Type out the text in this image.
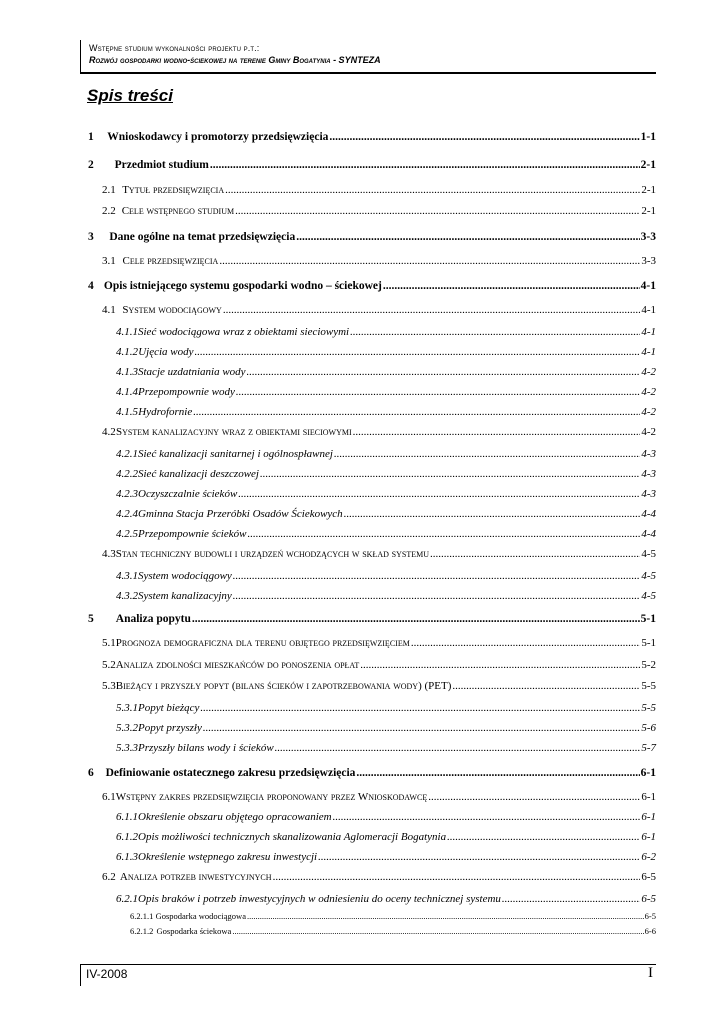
Wstępne studium wykonalności projektu p.t.:
Rozwój gospodarki wodno-ściekowej na terenie Gminy Bogatynia - SYNTEZA
Spis treści
1	Wnioskodawcy i promotorzy przedsięwzięcia .....	1-1
2	Przedmiot studium .....	2-1
2.1 Tytuł przedsięwzięcia .....	2-1
2.2 Cele wstępnego studium .....	2-1
3	Dane ogólne na temat przedsięwzięcia .....	3-3
3.1 Cele przedsięwzięcia .....	3-3
4 Opis istniejącego systemu gospodarki wodno – ściekowej .....	4-1
4.1 System wodociągowy .....	4-1
4.1.1 Sieć wodociągowa wraz z obiektami sieciowymi .....	4-1
4.1.2 Ujęcia wody .....	4-1
4.1.3 Stacje uzdatniania wody .....	4-2
4.1.4 Przepompownie wody .....	4-2
4.1.5 Hydrofornie .....	4-2
4.2 System kanalizacyjny wraz z obiektami sieciowymi .....	4-2
4.2.1 Sieć kanalizacji sanitarnej i ogólnospławnej .....	4-3
4.2.2 Sieć kanalizacji deszczowej .....	4-3
4.2.3 Oczyszczalnie ścieków .....	4-3
4.2.4 Gminna Stacja Przeróbki Osadów Ściekowych .....	4-4
4.2.5 Przepompownie ścieków .....	4-4
4.3 Stan techniczny budowli i urządzeń wchodzących w skład systemu .....	4-5
4.3.1 System wodociągowy .....	4-5
4.3.2 System kanalizacyjny .....	4-5
5	Analiza popytu .....	5-1
5.1 Prognoza demograficzna dla terenu objętego przedsięwzięciem .....	5-1
5.2 Analiza zdolności mieszkańców do ponoszenia opłat .....	5-2
5.3 Bieżący i przyszły popyt (bilans ścieków i zapotrzebowania wody) (PET) .....	5-5
5.3.1 Popyt bieżący .....	5-5
5.3.2 Popyt przyszły .....	5-6
5.3.3 Przyszły bilans wody i ścieków .....	5-7
6	Definiowanie ostatecznego zakresu przedsięwzięcia .....	6-1
6.1 Wstępny zakres przedsięwzięcia proponowany przez Wnioskodawcę .....	6-1
6.1.1 Określenie obszaru objętego opracowaniem .....	6-1
6.1.2 Opis możliwości technicznych skanalizowania Aglomeracji Bogatynia .....	6-1
6.1.3 Określenie wstępnego zakresu inwestycji .....	6-2
6.2 Analiza potrzeb inwestycyjnych .....	6-5
6.2.1 Opis braków i potrzeb inwestycyjnych w odniesieniu do oceny technicznej systemu .....	6-5
6.2.1.1 Gospodarka wodociągowa .....	6-5
6.2.1.2 Gospodarka ściekowa .....	6-6
IV-2008	I
